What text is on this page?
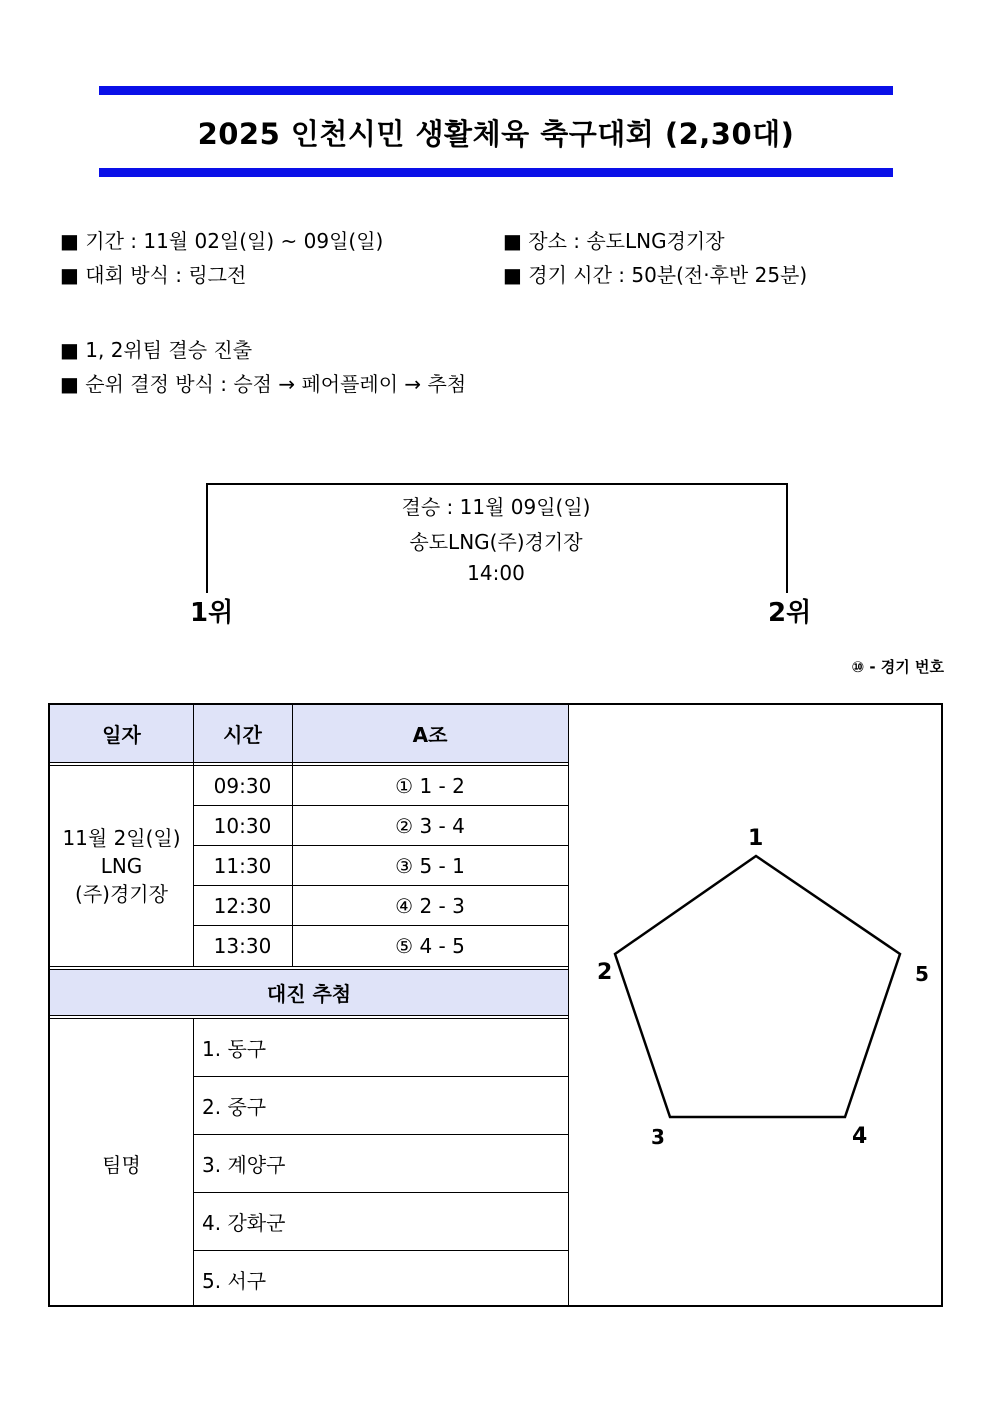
2025 인천시민 생활체육 축구대회 (2,30대)
■ 기간 : 11월 02일(일) ~ 09일(일)	■ 장소 : 송도LNG경기장
■ 대회 방식 : 링그전	■ 경기 시간 : 50분(전·후반 25분)
■ 1, 2위팀 결승 진출
■ 순위 결정 방식 : 승점 → 페어플레이 → 추첨
결승 : 11월 09일(일)
송도LNG(주)경기장
14:00
1위	2위
⑩ - 경기 번호
일자	시간	A조
11월 2일(일)
LNG
(주)경기장
09:30	① 1 - 2
10:30	② 3 - 4
11:30	③ 5 - 1
12:30	④ 2 - 3
13:30	⑤ 4 - 5
대진 추첨
팀명
1. 동구
2. 중구
3. 계양구
4. 강화군
5. 서구
1
2
3	4
5
